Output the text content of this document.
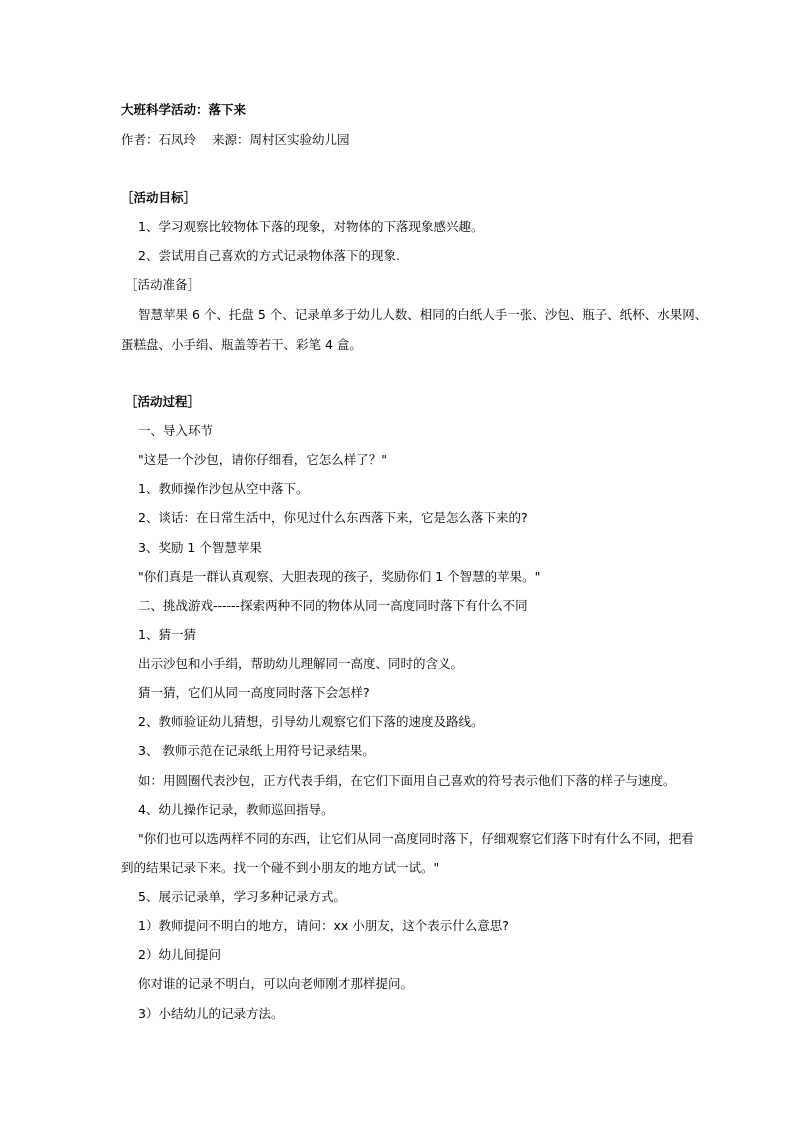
大班科学活动：落下来
作者：石凤玲 来源：周村区实验幼儿园
［活动目标］
1、学习观察比较物体下落的现象，对物体的下落现象感兴趣。
2、尝试用自己喜欢的方式记录物体落下的现象.
［活动准备］
智慧苹果 6 个、托盘 5 个、记录单多于幼儿人数、相同的白纸人手一张、沙包、瓶子、纸杯、水果网、
蛋糕盘、小手绢、瓶盖等若干、彩笔 4 盒。
［活动过程］
一、导入环节
"这是一个沙包，请你仔细看，它怎么样了？"
1、教师操作沙包从空中落下。
2、谈话：在日常生活中，你见过什么东西落下来，它是怎么落下来的?
3、奖励 1 个智慧苹果
"你们真是一群认真观察、大胆表现的孩子，奖励你们 1 个智慧的苹果。"
二、挑战游戏------探索两种不同的物体从同一高度同时落下有什么不同
1、猜一猜
出示沙包和小手绢，帮助幼儿理解同一高度、同时的含义。
猜一猜，它们从同一高度同时落下会怎样?
2、教师验证幼儿猜想，引导幼儿观察它们下落的速度及路线。
3、 教师示范在记录纸上用符号记录结果。
如：用圆圈代表沙包，正方代表手绢，在它们下面用自己喜欢的符号表示他们下落的样子与速度。
4、幼儿操作记录，教师巡回指导。
"你们也可以选两样不同的东西，让它们从同一高度同时落下，仔细观察它们落下时有什么不同，把看
到的结果记录下来。找一个碰不到小朋友的地方试一试。"
5、展示记录单，学习多种记录方式。
1）教师提问不明白的地方，请问：xx 小朋友，这个表示什么意思?
2）幼儿间提问
你对谁的记录不明白，可以向老师刚才那样提问。
3）小结幼儿的记录方法。
